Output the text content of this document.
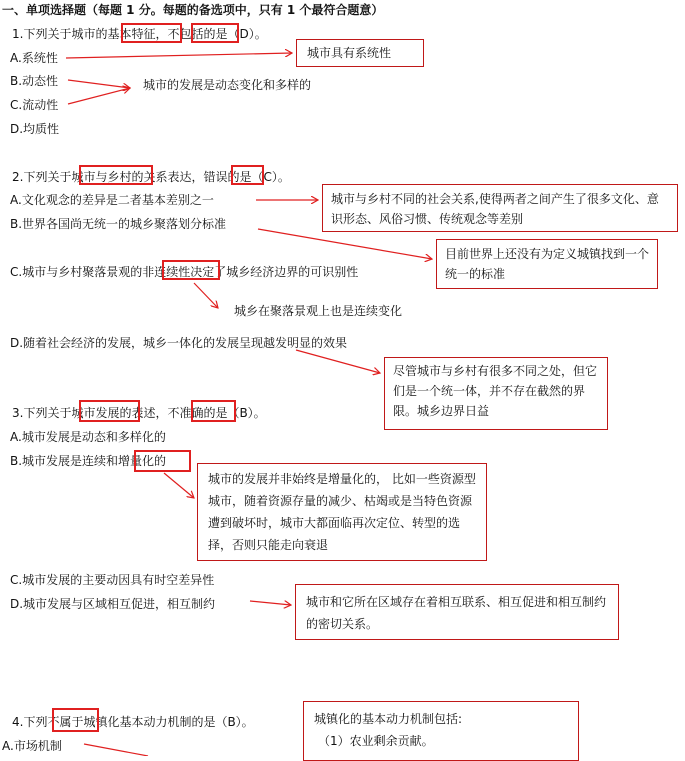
一、单项选择题（每题 1 分。每题的备选项中，只有 1 个最符合题意）
1.下列关于城市的基本特征，不包括的是（D）。
A.系统性
B.动态性
C.流动性
D.均质性
城市具有系统性
城市的发展是动态变化和多样的
2.下列关于城市与乡村的关系表达，错误的是（C）。
A.文化观念的差异是二者基本差别之一
B.世界各国尚无统一的城乡聚落划分标准
C.城市与乡村聚落景观的非连续性决定了城乡经济边界的可识别性
D.随着社会经济的发展，城乡一体化的发展呈现越发明显的效果
城市与乡村不同的社会关系,使得两者之间产生了很多文化、意识形态、风俗习惯、传统观念等差别
目前世界上还没有为定义城镇找到一个统一的标准
城乡在聚落景观上也是连续变化
尽管城市与乡村有很多不同之处，但它们是一个统一体，并不存在截然的界限。城乡边界日益
3.下列关于城市发展的表述，不准确的是（B）。
A.城市发展是动态和多样化的
B.城市发展是连续和增量化的
C.城市发展的主要动因具有时空差异性
D.城市发展与区域相互促进，相互制约
城市的发展并非始终是增量化的， 比如一些资源型城市，随着资源存量的减少、枯竭或是当特色资源遭到破坏时，城市大都面临再次定位、转型的选择，否则只能走向衰退
城市和它所在区域存在着相互联系、相互促进和相互制约的密切关系。
4.下列不属于城镇化基本动力机制的是（B）。
A.市场机制
城镇化的基本动力机制包括:
（1）农业剩余贡献。
